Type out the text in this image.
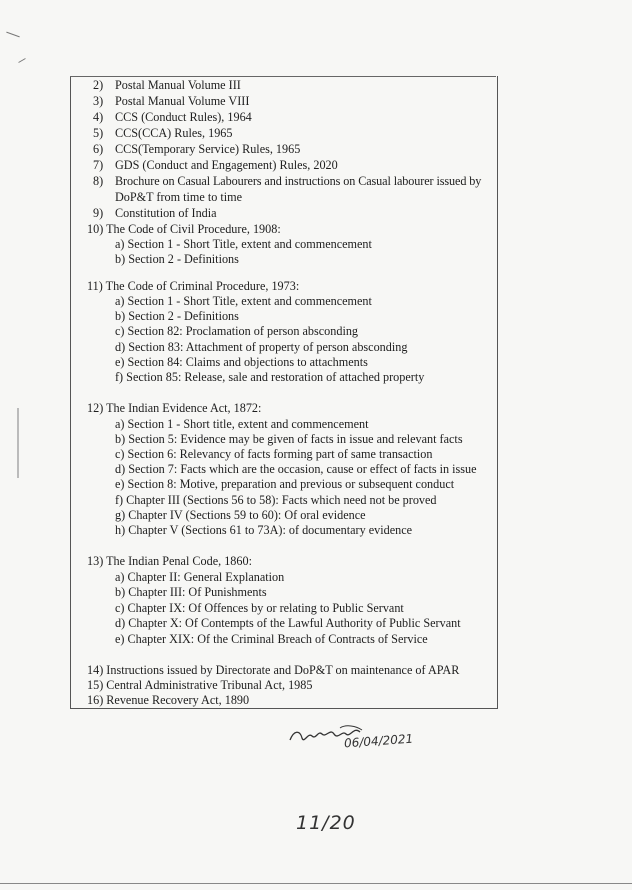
2) Postal Manual Volume III
3) Postal Manual Volume VIII
4) CCS (Conduct Rules), 1964
5) CCS(CCA) Rules, 1965
6) CCS(Temporary Service) Rules, 1965
7) GDS (Conduct and Engagement) Rules, 2020
8) Brochure on Casual Labourers and instructions on Casual labourer issued by
DoP&T from time to time
9) Constitution of India
10) The Code of Civil Procedure, 1908:
a) Section 1 - Short Title, extent and commencement
b) Section 2 - Definitions
11) The Code of Criminal Procedure, 1973:
a) Section 1 - Short Title, extent and commencement
b) Section 2 - Definitions
c) Section 82: Proclamation of person absconding
d) Section 83: Attachment of property of person absconding
e) Section 84: Claims and objections to attachments
f) Section 85: Release, sale and restoration of attached property
12) The Indian Evidence Act, 1872:
a) Section 1 - Short title, extent and commencement
b) Section 5: Evidence may be given of facts in issue and relevant facts
c) Section 6: Relevancy of facts forming part of same transaction
d) Section 7: Facts which are the occasion, cause or effect of facts in issue
e) Section 8: Motive, preparation and previous or subsequent conduct
f) Chapter III (Sections 56 to 58): Facts which need not be proved
g) Chapter IV (Sections 59 to 60): Of oral evidence
h) Chapter V (Sections 61 to 73A): of documentary evidence
13) The Indian Penal Code, 1860:
a) Chapter II: General Explanation
b) Chapter III: Of Punishments
c) Chapter IX: Of Offences by or relating to Public Servant
d) Chapter X: Of Contempts of the Lawful Authority of Public Servant
e) Chapter XIX: Of the Criminal Breach of Contracts of Service
14) Instructions issued by Directorate and DoP&T on maintenance of APAR
15) Central Administrative Tribunal Act, 1985
16) Revenue Recovery Act, 1890
06/04/2021
11/20
